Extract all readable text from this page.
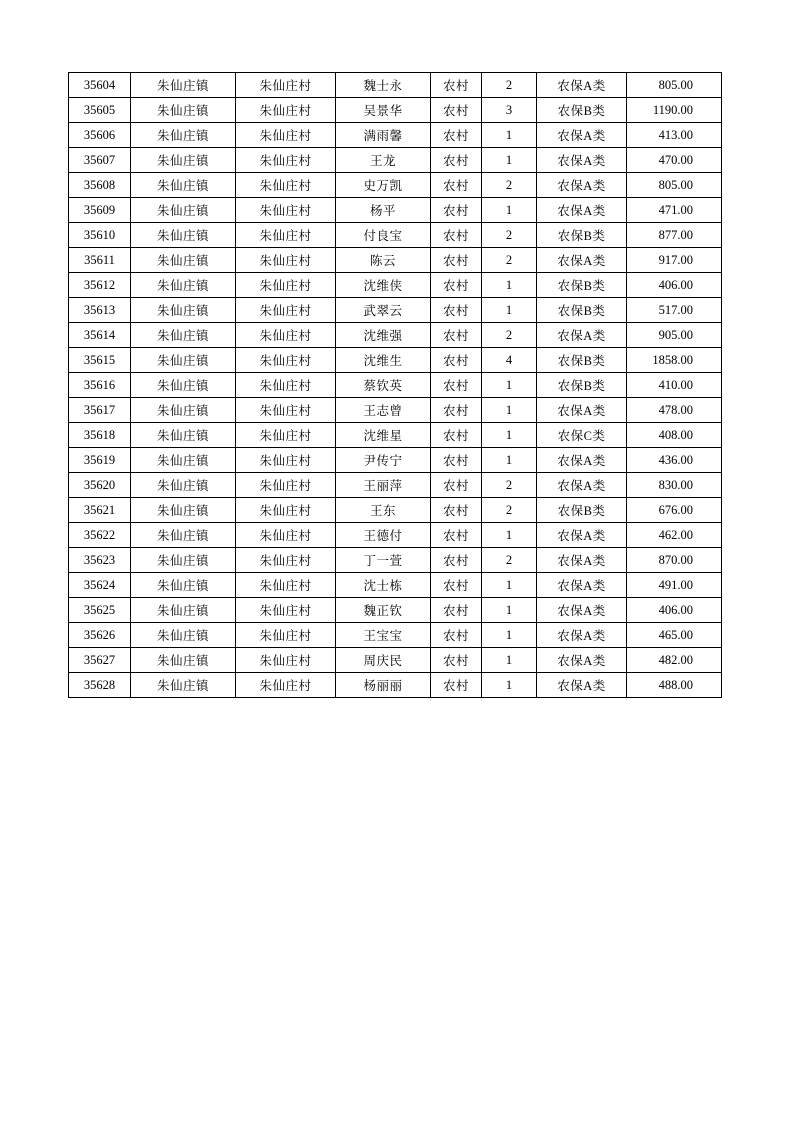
35604	朱仙庄镇	朱仙庄村	魏士永	农村	2	农保A类	805.00
35605	朱仙庄镇	朱仙庄村	吴景华	农村	3	农保B类	1190.00
35606	朱仙庄镇	朱仙庄村	满雨馨	农村	1	农保A类	413.00
35607	朱仙庄镇	朱仙庄村	王龙	农村	1	农保A类	470.00
35608	朱仙庄镇	朱仙庄村	史万凯	农村	2	农保A类	805.00
35609	朱仙庄镇	朱仙庄村	杨平	农村	1	农保A类	471.00
35610	朱仙庄镇	朱仙庄村	付良宝	农村	2	农保B类	877.00
35611	朱仙庄镇	朱仙庄村	陈云	农村	2	农保A类	917.00
35612	朱仙庄镇	朱仙庄村	沈维侠	农村	1	农保B类	406.00
35613	朱仙庄镇	朱仙庄村	武翠云	农村	1	农保B类	517.00
35614	朱仙庄镇	朱仙庄村	沈维强	农村	2	农保A类	905.00
35615	朱仙庄镇	朱仙庄村	沈维生	农村	4	农保B类	1858.00
35616	朱仙庄镇	朱仙庄村	蔡钦英	农村	1	农保B类	410.00
35617	朱仙庄镇	朱仙庄村	王志曾	农村	1	农保A类	478.00
35618	朱仙庄镇	朱仙庄村	沈维星	农村	1	农保C类	408.00
35619	朱仙庄镇	朱仙庄村	尹传宁	农村	1	农保A类	436.00
35620	朱仙庄镇	朱仙庄村	王丽萍	农村	2	农保A类	830.00
35621	朱仙庄镇	朱仙庄村	王东	农村	2	农保B类	676.00
35622	朱仙庄镇	朱仙庄村	王德付	农村	1	农保A类	462.00
35623	朱仙庄镇	朱仙庄村	丁一萱	农村	2	农保A类	870.00
35624	朱仙庄镇	朱仙庄村	沈士栋	农村	1	农保A类	491.00
35625	朱仙庄镇	朱仙庄村	魏正钦	农村	1	农保A类	406.00
35626	朱仙庄镇	朱仙庄村	王宝宝	农村	1	农保A类	465.00
35627	朱仙庄镇	朱仙庄村	周庆民	农村	1	农保A类	482.00
35628	朱仙庄镇	朱仙庄村	杨丽丽	农村	1	农保A类	488.00
